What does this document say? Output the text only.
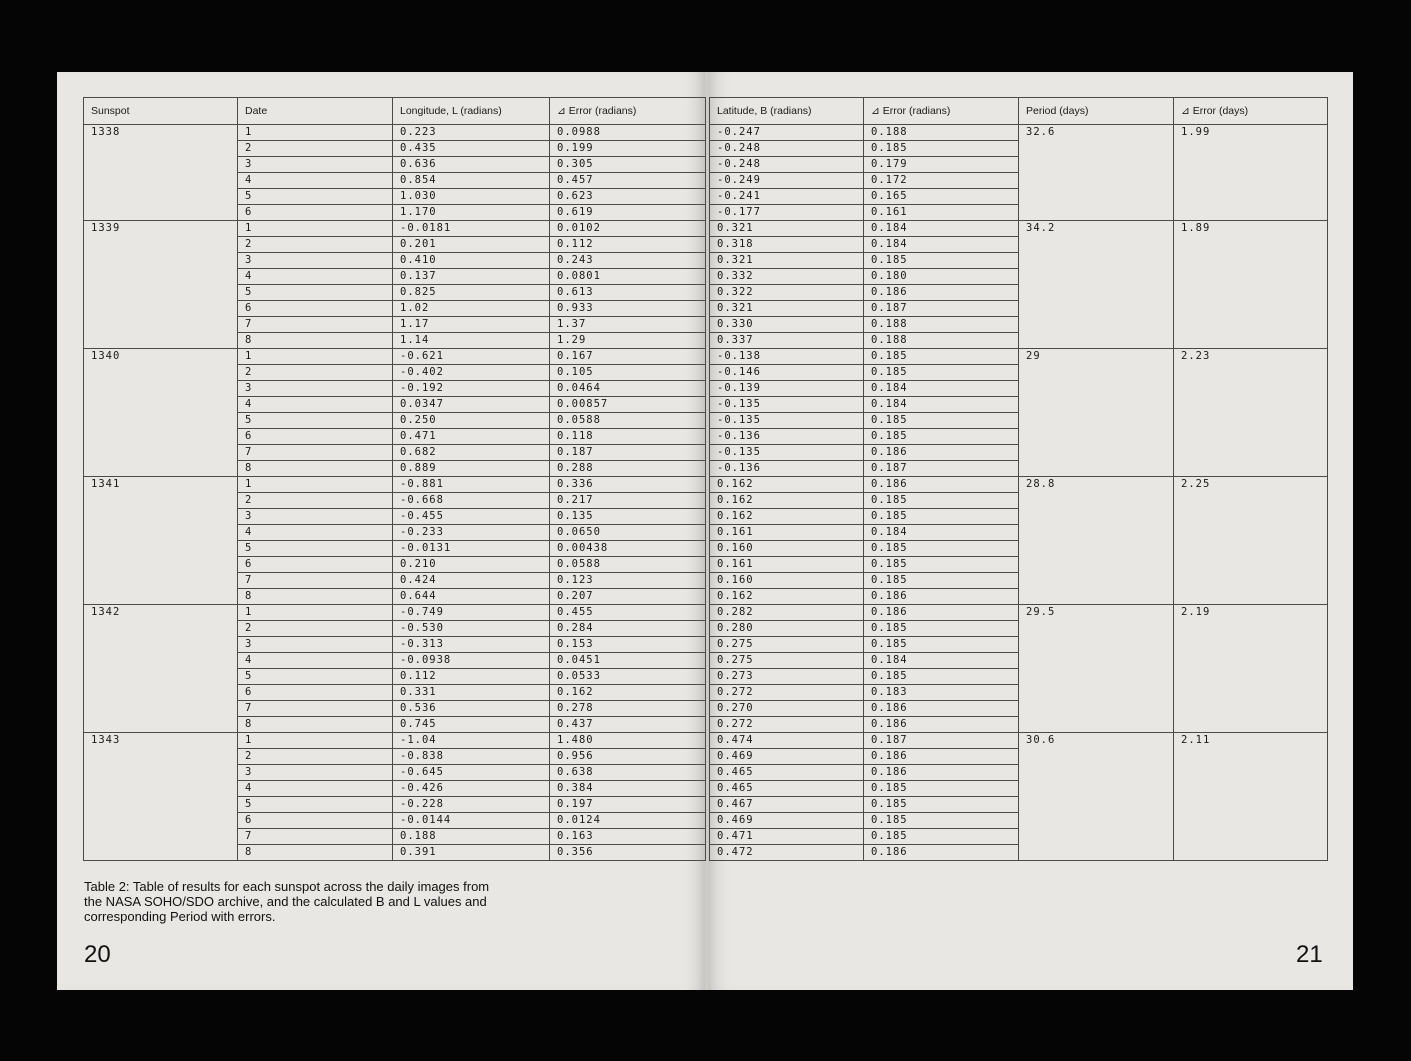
Sunspot	Date	Longitude, L (radians)	⊿ Error (radians)
1338	1	0.223	0.0988
	2	0.435	0.199
	3	0.636	0.305
	4	0.854	0.457
	5	1.030	0.623
	6	1.170	0.619
1339	1	-0.0181	0.0102
	2	0.201	0.112
	3	0.410	0.243
	4	0.137	0.0801
	5	0.825	0.613
	6	1.02	0.933
	7	1.17	1.37
	8	1.14	1.29
1340	1	-0.621	0.167
	2	-0.402	0.105
	3	-0.192	0.0464
	4	0.0347	0.00857
	5	0.250	0.0588
	6	0.471	0.118
	7	0.682	0.187
	8	0.889	0.288
1341	1	-0.881	0.336
	2	-0.668	0.217
	3	-0.455	0.135
	4	-0.233	0.0650
	5	-0.0131	0.00438
	6	0.210	0.0588
	7	0.424	0.123
	8	0.644	0.207
1342	1	-0.749	0.455
	2	-0.530	0.284
	3	-0.313	0.153
	4	-0.0938	0.0451
	5	0.112	0.0533
	6	0.331	0.162
	7	0.536	0.278
	8	0.745	0.437
1343	1	-1.04	1.480
	2	-0.838	0.956
	3	-0.645	0.638
	4	-0.426	0.384
	5	-0.228	0.197
	6	-0.0144	0.0124
	7	0.188	0.163
	8	0.391	0.356
Latitude, B (radians)	⊿ Error (radians)	Period (days)	⊿ Error (days)
-0.247	0.188	32.6	1.99
-0.248	0.185		
-0.248	0.179		
-0.249	0.172		
-0.241	0.165		
-0.177	0.161		
0.321	0.184	34.2	1.89
0.318	0.184		
0.321	0.185		
0.332	0.180		
0.322	0.186		
0.321	0.187		
0.330	0.188		
0.337	0.188		
-0.138	0.185	29	2.23
-0.146	0.185		
-0.139	0.184		
-0.135	0.184		
-0.135	0.185		
-0.136	0.185		
-0.135	0.186		
-0.136	0.187		
0.162	0.186	28.8	2.25
0.162	0.185		
0.162	0.185		
0.161	0.184		
0.160	0.185		
0.161	0.185		
0.160	0.185		
0.162	0.186		
0.282	0.186	29.5	2.19
0.280	0.185		
0.275	0.185		
0.275	0.184		
0.273	0.185		
0.272	0.183		
0.270	0.186		
0.272	0.186		
0.474	0.187	30.6	2.11
0.469	0.186		
0.465	0.186		
0.465	0.185		
0.467	0.185		
0.469	0.185		
0.471	0.185		
0.472	0.186		
Table 2: Table of results for each sunspot across the daily images from the NASA SOHO/SDO archive, and the calculated B and L values and corresponding Period with errors.
20	21
